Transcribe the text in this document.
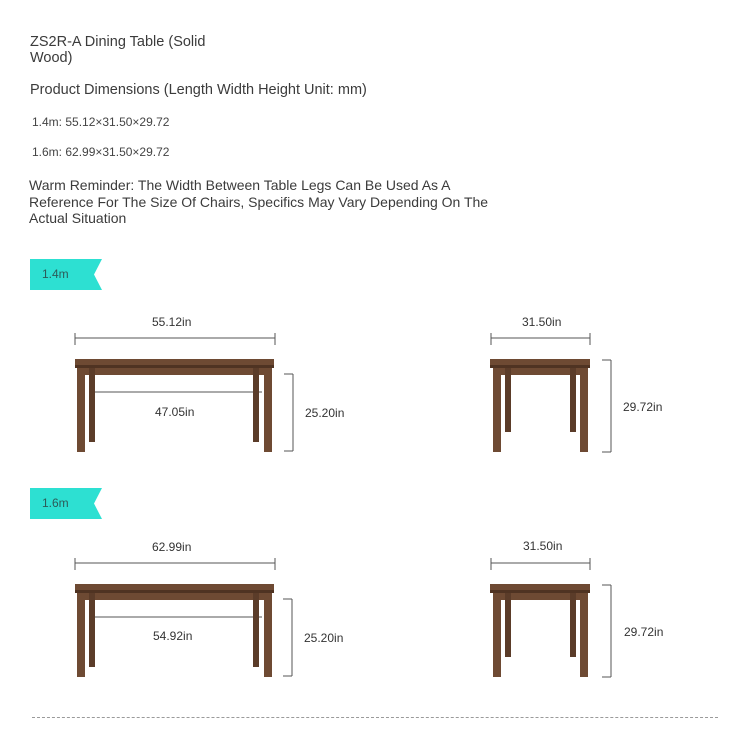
ZS2R-A Dining Table (Solid Wood)
Product Dimensions (Length Width Height Unit: mm)
1.4m: 55.12×31.50×29.72
1.6m: 62.99×31.50×29.72
Warm Reminder: The Width Between Table Legs Can Be Used As A Reference For The Size Of Chairs, Specifics May Vary Depending On The Actual Situation
1.4m
55.12in
47.05in	25.20in
31.50in
29.72in
1.6m
62.99in
54.92in	25.20in
31.50in
29.72in
